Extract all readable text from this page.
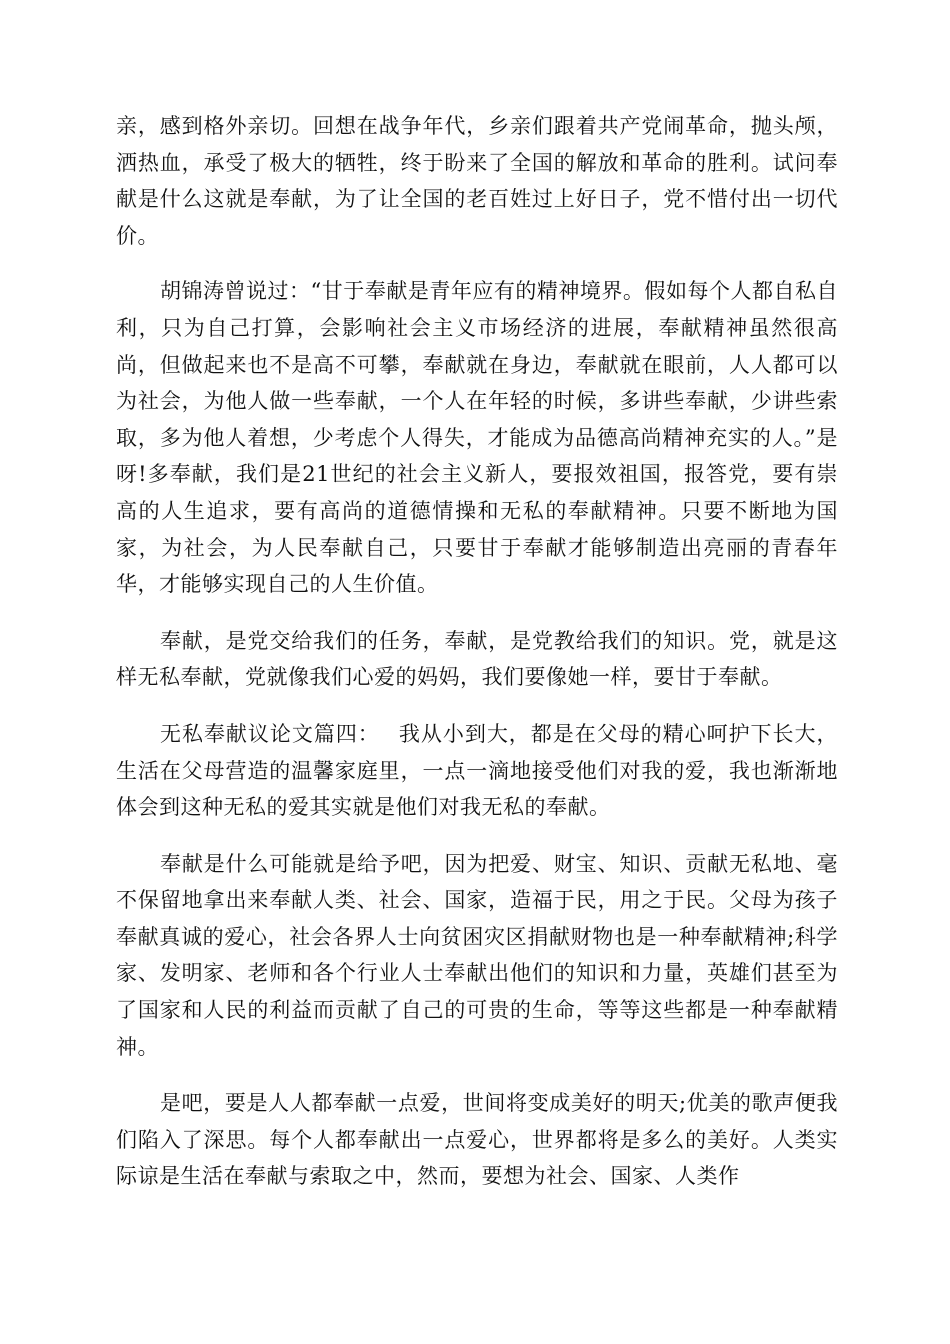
亲，感到格外亲切。回想在战争年代，乡亲们跟着共产党闹革命，抛头颅，洒热血，承受了极大的牺牲，终于盼来了全国的解放和革命的胜利。试问奉献是什么这就是奉献，为了让全国的老百姓过上好日子，党不惜付出一切代价。

胡锦涛曾说过：“甘于奉献是青年应有的精神境界。假如每个人都自私自利，只为自己打算，会影响社会主义市场经济的进展，奉献精神虽然很高尚，但做起来也不是高不可攀，奉献就在身边，奉献就在眼前，人人都可以为社会，为他人做一些奉献，一个人在年轻的时候，多讲些奉献，少讲些索取，多为他人着想，少考虑个人得失，才能成为品德高尚精神充实的人。”是呀!多奉献，我们是21世纪的社会主义新人，要报效祖国，报答党，要有崇高的人生追求，要有高尚的道德情操和无私的奉献精神。只要不断地为国家，为社会，为人民奉献自己，只要甘于奉献才能够制造出亮丽的青春年华，才能够实现自己的人生价值。

奉献，是党交给我们的任务，奉献，是党教给我们的知识。党，就是这样无私奉献，党就像我们心爱的妈妈，我们要像她一样，要甘于奉献。

无私奉献议论文篇四：　 我从小到大，都是在父母的精心呵护下长大，生活在父母营造的温馨家庭里，一点一滴地接受他们对我的爱，我也渐渐地体会到这种无私的爱其实就是他们对我无私的奉献。

奉献是什么可能就是给予吧，因为把爱、财宝、知识、贡献无私地、毫不保留地拿出来奉献人类、社会、国家，造福于民，用之于民。父母为孩子奉献真诚的爱心，社会各界人士向贫困灾区捐献财物也是一种奉献精神;科学家、发明家、老师和各个行业人士奉献出他们的知识和力量，英雄们甚至为了国家和人民的利益而贡献了自己的可贵的生命，等等这些都是一种奉献精神。

是吧，要是人人都奉献一点爱，世间将变成美好的明天;优美的歌声便我们陷入了深思。每个人都奉献出一点爱心，世界都将是多么的美好。人类实际谅是生活在奉献与索取之中，然而，要想为社会、国家、人类作
